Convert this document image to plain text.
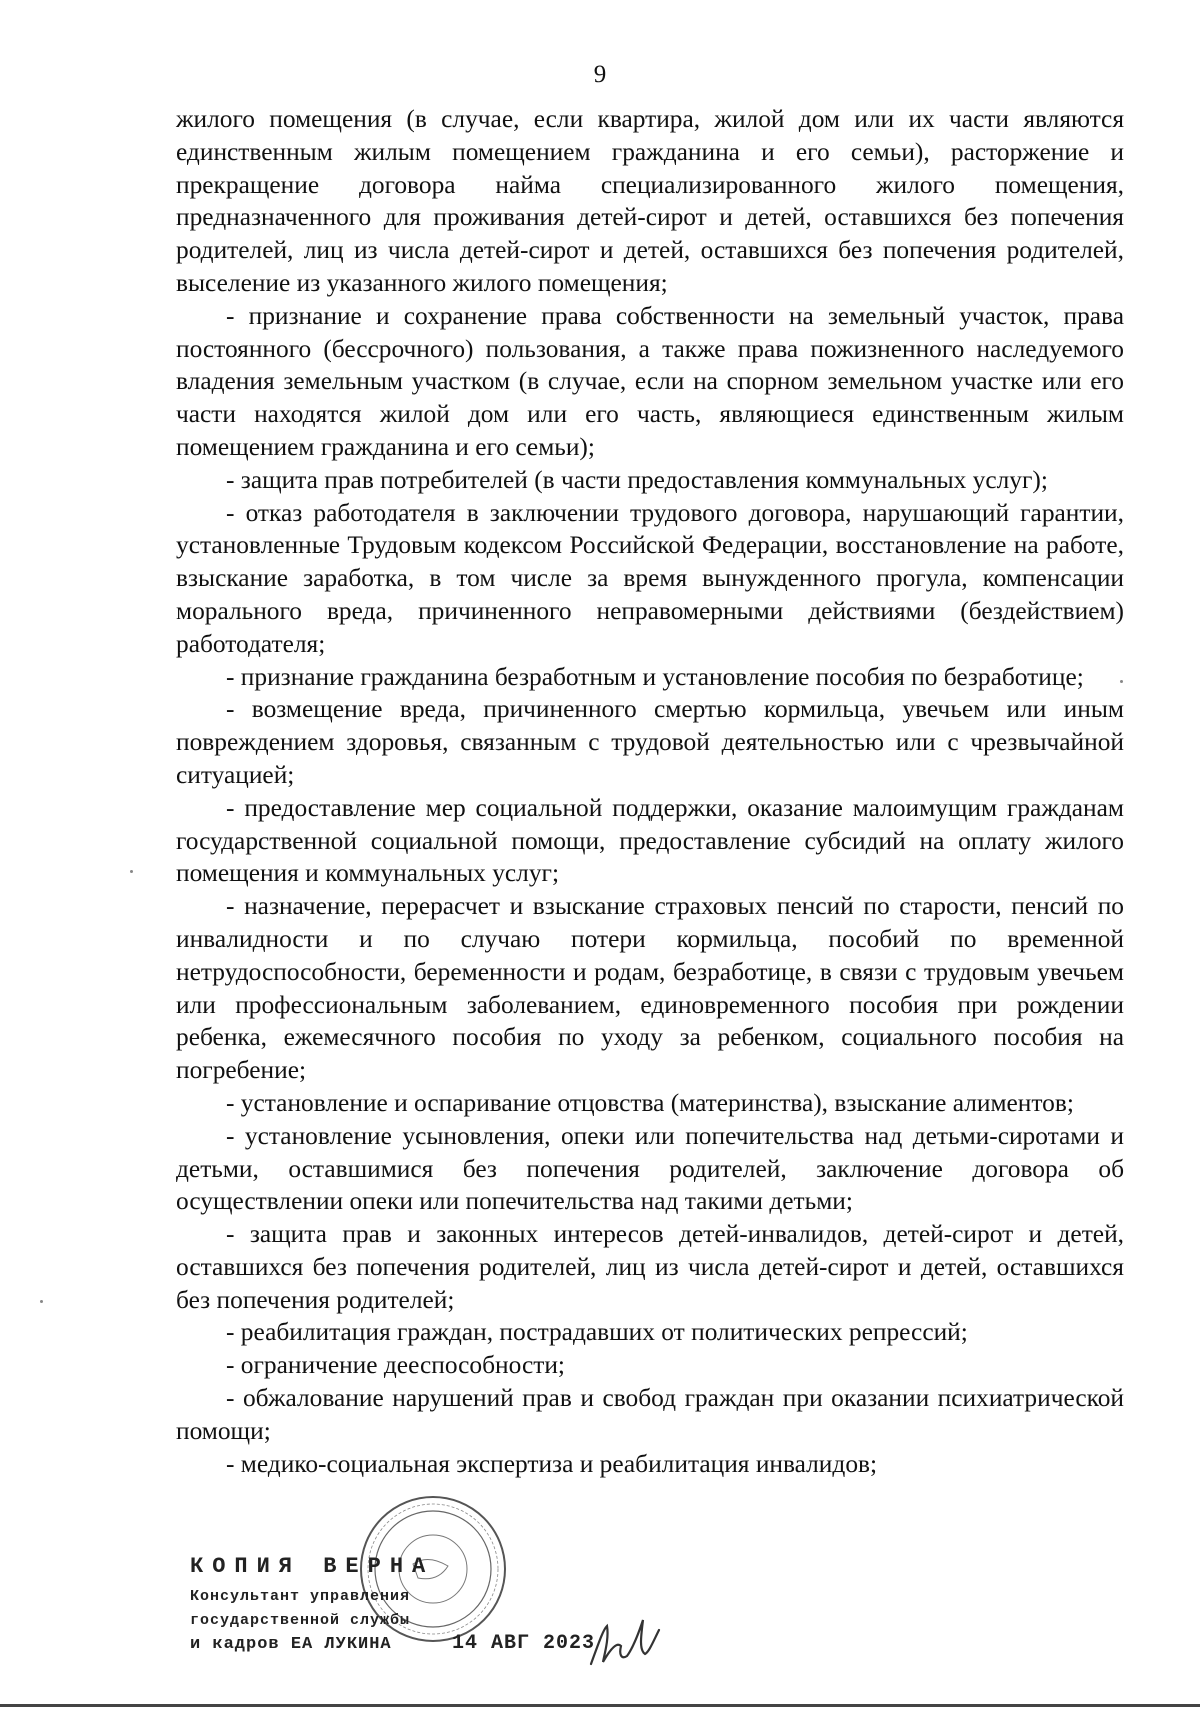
9

жилого помещения (в случае, если квартира, жилой дом или их части являются единственным жилым помещением гражданина и его семьи), расторжение и прекращение договора найма специализированного жилого помещения, предназначенного для проживания детей-сирот и детей, оставшихся без попечения родителей, лиц из числа детей-сирот и детей, оставшихся без попечения родителей, выселение из указанного жилого помещения;

- признание и сохранение права собственности на земельный участок, права постоянного (бессрочного) пользования, а также права пожизненного наследуемого владения земельным участком (в случае, если на спорном земельном участке или его части находятся жилой дом или его часть, являющиеся единственным жилым помещением гражданина и его семьи);

- защита прав потребителей (в части предоставления коммунальных услуг);

- отказ работодателя в заключении трудового договора, нарушающий гарантии, установленные Трудовым кодексом Российской Федерации, восстановление на работе, взыскание заработка, в том числе за время вынужденного прогула, компенсации морального вреда, причиненного неправомерными действиями (бездействием) работодателя;

- признание гражданина безработным и установление пособия по безработице;

- возмещение вреда, причиненного смертью кормильца, увечьем или иным повреждением здоровья, связанным с трудовой деятельностью или с чрезвычайной ситуацией;

- предоставление мер социальной поддержки, оказание малоимущим гражданам государственной социальной помощи, предоставление субсидий на оплату жилого помещения и коммунальных услуг;

- назначение, перерасчет и взыскание страховых пенсий по старости, пенсий по инвалидности и по случаю потери кормильца, пособий по временной нетрудоспособности, беременности и родам, безработице, в связи с трудовым увечьем или профессиональным заболеванием, единовременного пособия при рождении ребенка, ежемесячного пособия по уходу за ребенком, социального пособия на погребение;

- установление и оспаривание отцовства (материнства), взыскание алиментов;

- установление усыновления, опеки или попечительства над детьми-сиротами и детьми, оставшимися без попечения родителей, заключение договора об осуществлении опеки или попечительства над такими детьми;

- защита прав и законных интересов детей-инвалидов, детей-сирот и детей, оставшихся без попечения родителей, лиц из числа детей-сирот и детей, оставшихся без попечения родителей;

- реабилитация граждан, пострадавших от политических репрессий;

- ограничение дееспособности;

- обжалование нарушений прав и свобод граждан при оказании психиатрической помощи;

- медико-социальная экспертиза и реабилитация инвалидов;

КОПИЯ ВЕРНА
Консультант управления
государственной службы
и кадров ЕА ЛУКИНА	14 АВГ 2023
